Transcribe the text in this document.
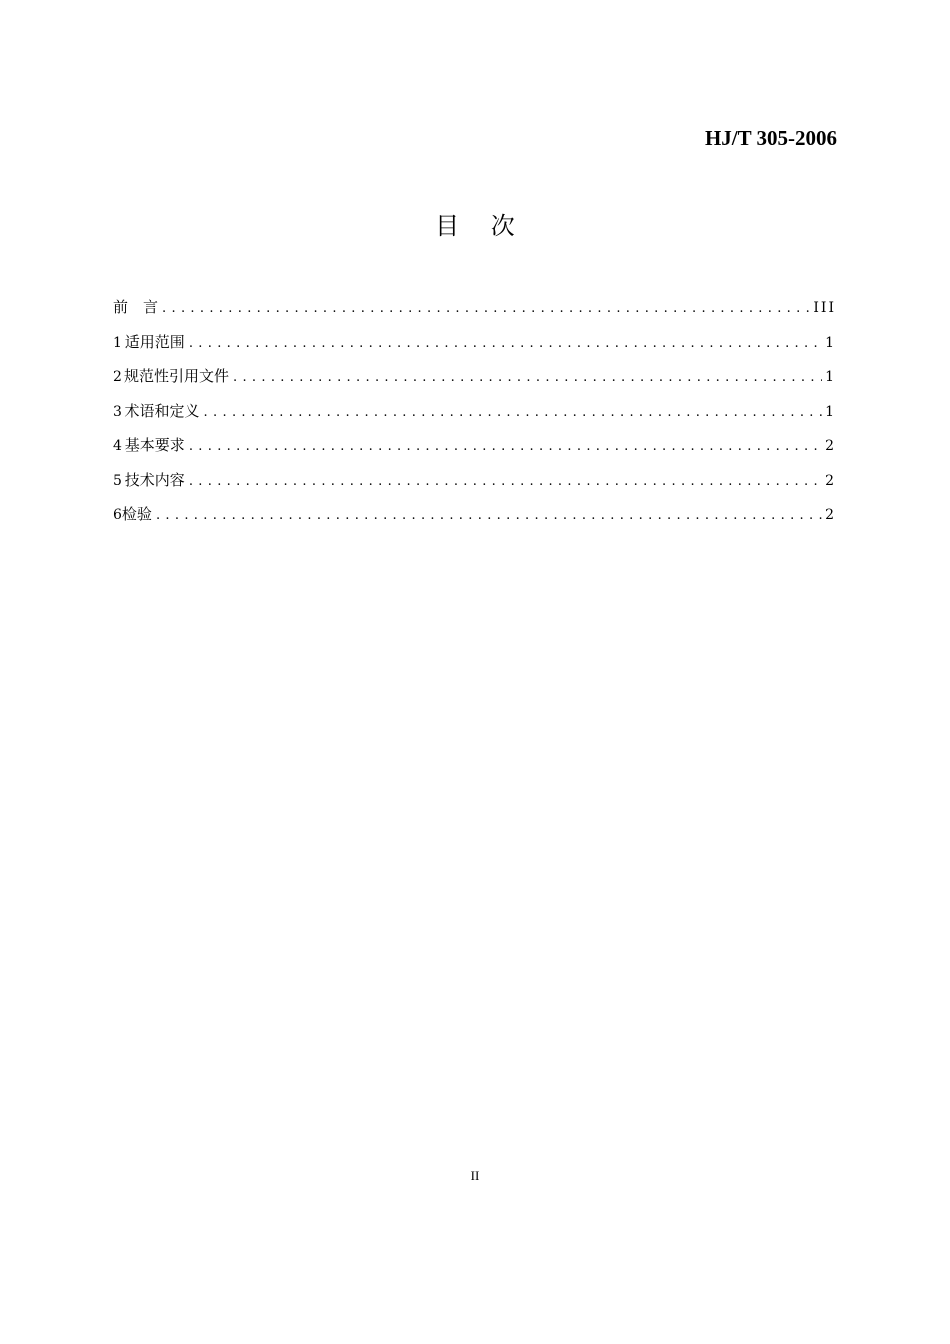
HJ/T 305-2006
目 次
前　言 . . .	III
1 适用范围 . . .	1
2 规范性引用文件 . . .	1
3 术语和定义 . . .	1
4 基本要求 . . .	2
5 技术内容 . . .	2
6 检验 . . .	2
II
